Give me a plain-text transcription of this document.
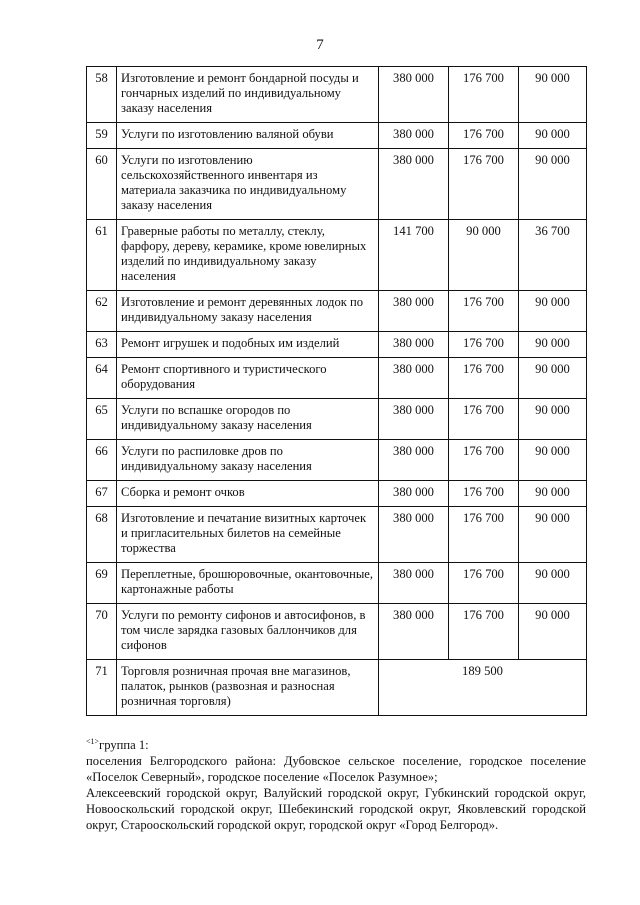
7
58	Изготовление и ремонт бондарной посуды и гончарных изделий по индивидуальному заказу населения	380 000	176 700	90 000
59	Услуги по изготовлению валяной обуви	380 000	176 700	90 000
60	Услуги по изготовлению сельскохозяйственного инвентаря из материала заказчика по индивидуальному заказу населения	380 000	176 700	90 000
61	Граверные работы по металлу, стеклу, фарфору, дереву, керамике, кроме ювелирных изделий по индивидуальному заказу населения	141 700	90 000	36 700
62	Изготовление и ремонт деревянных лодок по индивидуальному заказу населения	380 000	176 700	90 000
63	Ремонт игрушек и подобных им изделий	380 000	176 700	90 000
64	Ремонт спортивного и туристического оборудования	380 000	176 700	90 000
65	Услуги по вспашке огородов по индивидуальному заказу населения	380 000	176 700	90 000
66	Услуги по распиловке дров по индивидуальному заказу населения	380 000	176 700	90 000
67	Сборка и ремонт очков	380 000	176 700	90 000
68	Изготовление и печатание визитных карточек и пригласительных билетов на семейные торжества	380 000	176 700	90 000
69	Переплетные, брошюровочные, окантовочные, картонажные работы	380 000	176 700	90 000
70	Услуги по ремонту сифонов и автосифонов, в том числе зарядка газовых баллончиков для сифонов	380 000	176 700	90 000
71	Торговля розничная прочая вне магазинов, палаток, рынков (развозная и разносная розничная торговля)	189 500		

$^{<1>}$группа 1:

поселения Белгородского района: Дубовское сельское поселение, городское поселение «Поселок Северный», городское поселение «Поселок Разумное»;

Алексеевский городской округ, Валуйский городской округ, Губкинский городской округ, Новооскольский городской округ, Шебекинский городской округ, Яковлевский городской округ, Старооскольский городской округ, городской округ «Город Белгород».
